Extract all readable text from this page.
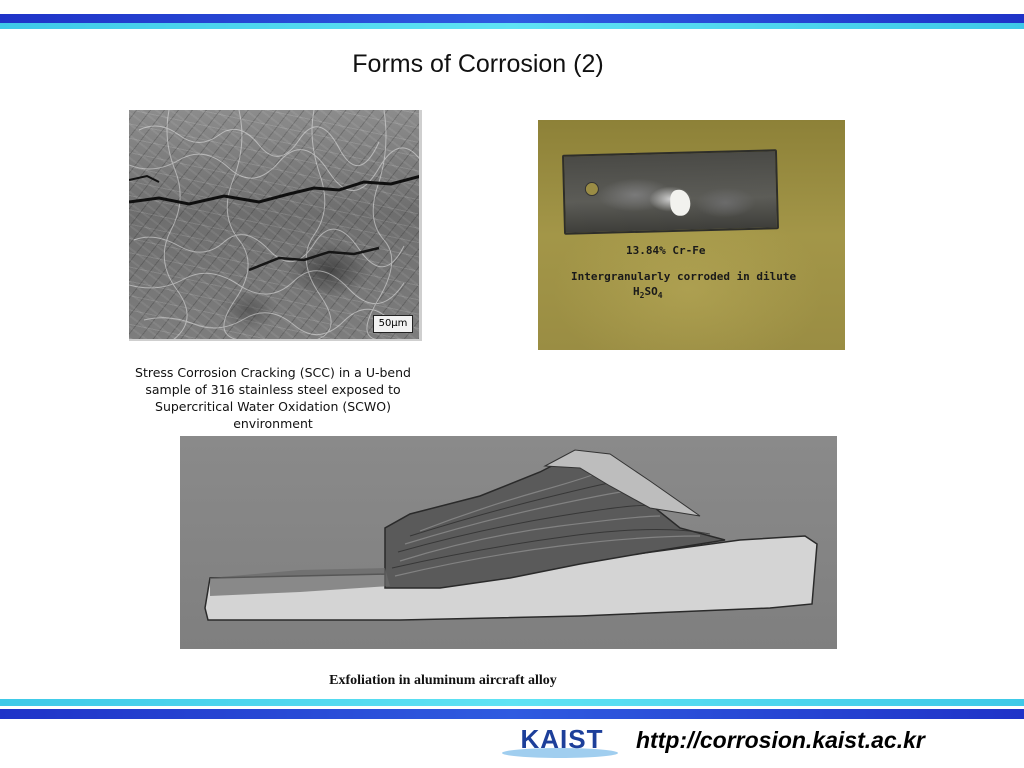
Forms of Corrosion (2)
50μm
Stress Corrosion Cracking (SCC) in a U-bend sample of 316 stainless steel exposed to Supercritical Water Oxidation (SCWO) environment
13.84% Cr-Fe
Intergranularly corroded in dilute
$H_2SO_4$
Exfoliation in aluminum aircraft alloy
KAIST http://corrosion.kaist.ac.kr
